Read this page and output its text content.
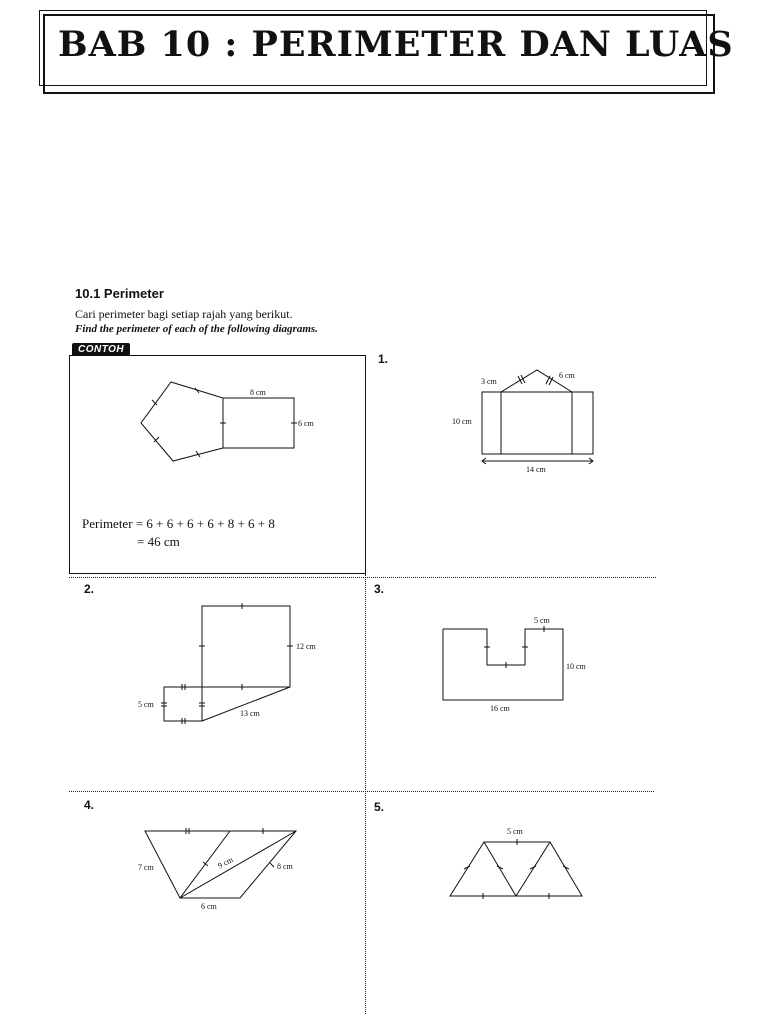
BAB 10 : PERIMETER DAN LUAS
10.1 Perimeter
Cari perimeter bagi setiap rajah yang berikut.
Find the perimeter of each of the following diagrams.
CONTOH
Perimeter = 6 + 6 + 6 + 6 + 8 + 6 + 8
= 46 cm
1.
2.	3.
4.	5.
8 cm
6 cm
3 cm
6 cm
10 cm
14 cm
12 cm
5 cm
13 cm
5 cm
10 cm
16 cm
7 cm	9 cm	8 cm
6 cm
5 cm
